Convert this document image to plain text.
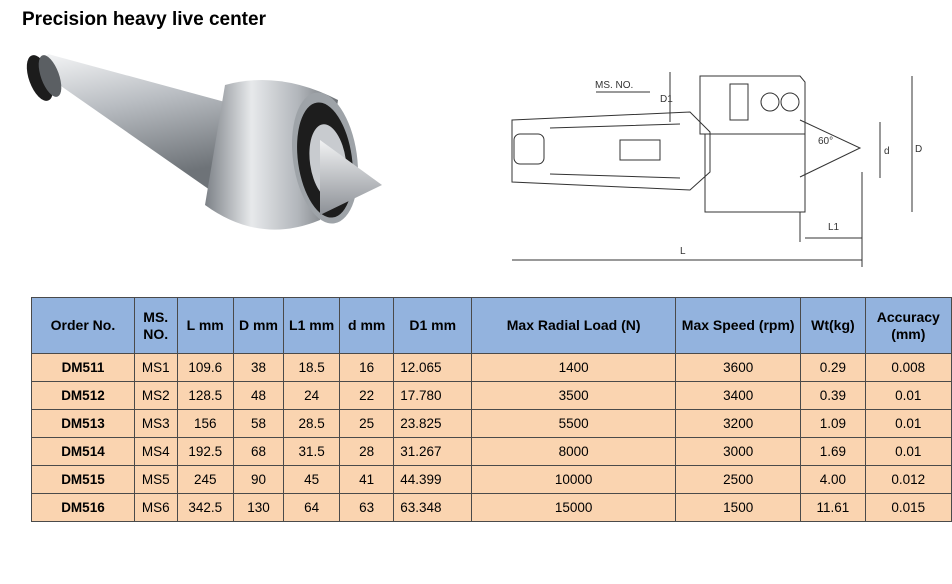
Precision heavy live center
MS. NO.
D1
60°
d	D
L1
L
Order No.	MS. NO.	L mm	D mm	L1 mm	d mm	D1 mm	Max Radial Load (N)	Max Speed (rpm)	Wt(kg)	Accuracy (mm)
DM511	MS1	109.6	38	18.5	16	12.065	1400	3600	0.29	0.008
DM512	MS2	128.5	48	24	22	17.780	3500	3400	0.39	0.01
DM513	MS3	156	58	28.5	25	23.825	5500	3200	1.09	0.01
DM514	MS4	192.5	68	31.5	28	31.267	8000	3000	1.69	0.01
DM515	MS5	245	90	45	41	44.399	10000	2500	4.00	0.012
DM516	MS6	342.5	130	64	63	63.348	15000	1500	11.61	0.015
